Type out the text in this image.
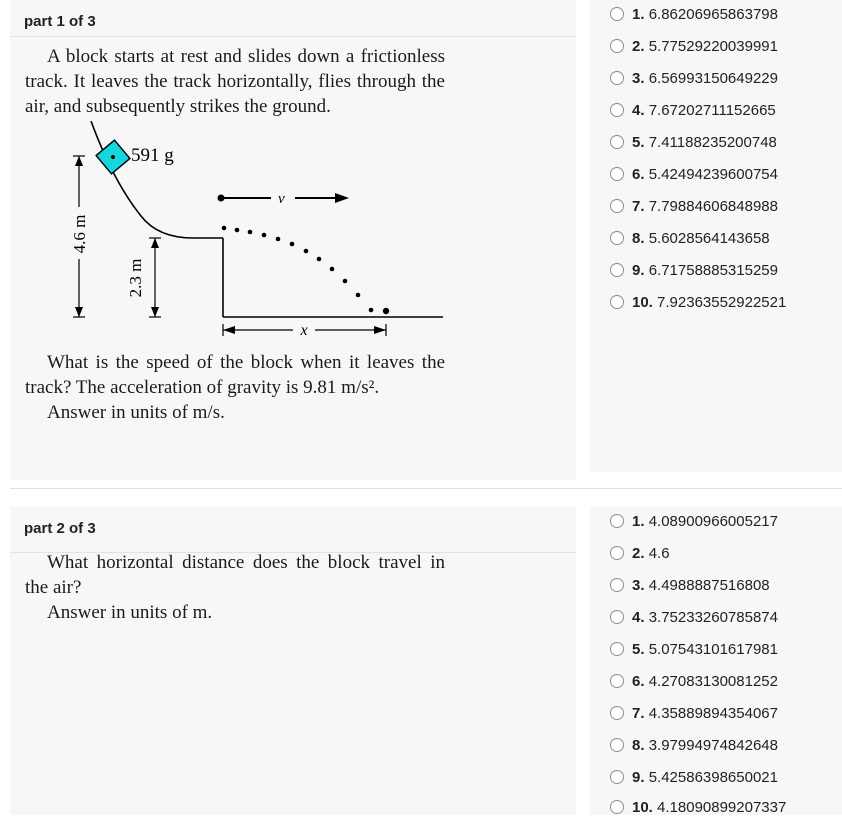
part 1 of 3
A block starts at rest and slides down a frictionless track. It leaves the track horizontally, flies through the air, and subsequently strikes the ground.
591 g
v
4.6 m
2.3 m
x
What is the speed of the block when it leaves the track? The acceleration of gravity is 9.81 m/s².
Answer in units of m/s.
1. 6.86206965863798
2. 5.77529220039991
3. 6.56993150649229
4. 7.67202711152665
5. 7.41188235200748
6. 5.42494239600754
7. 7.79884606848988
8. 5.6028564143658
9. 6.71758885315259
10. 7.92363552922521
part 2 of 3
What horizontal distance does the block travel in the air?
Answer in units of m.
1. 4.08900966005217
2. 4.6
3. 4.4988887516808
4. 3.75233260785874
5. 5.07543101617981
6. 4.27083130081252
7. 4.35889894354067
8. 3.97994974842648
9. 5.42586398650021
10. 4.18090899207337
